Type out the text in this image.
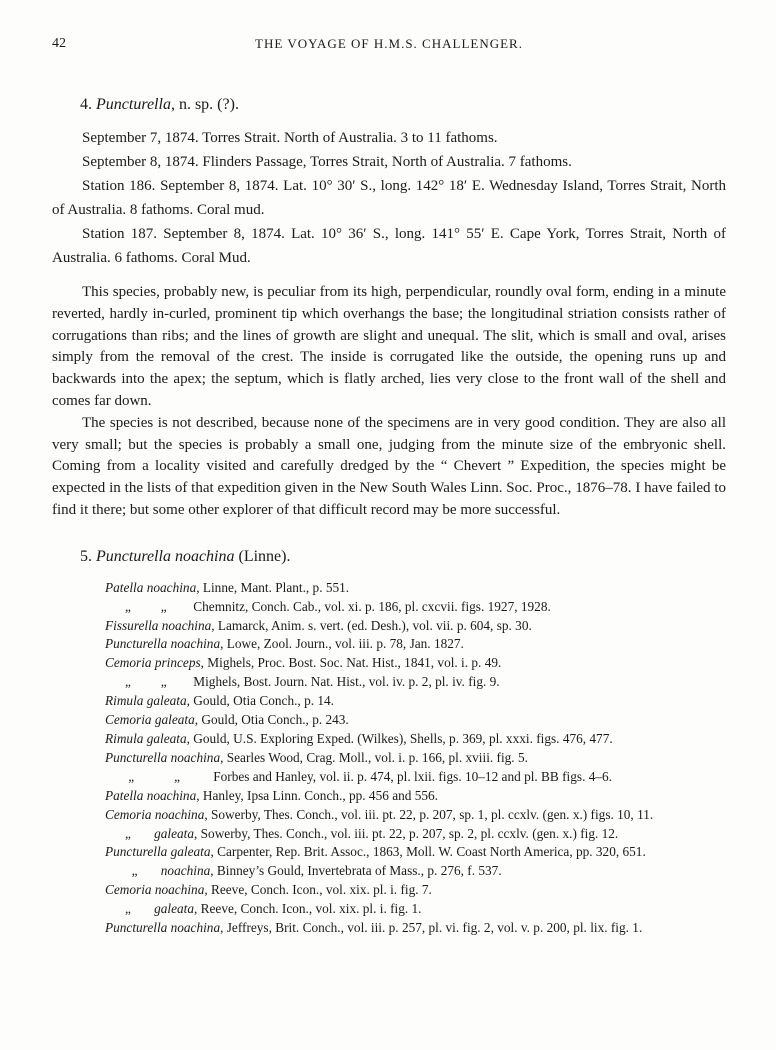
42	THE VOYAGE OF H.M.S. CHALLENGER.
4. Puncturella, n. sp. (?).

September 7, 1874. Torres Strait. North of Australia. 3 to 11 fathoms.

September 8, 1874. Flinders Passage, Torres Strait, North of Australia. 7 fathoms.

Station 186. September 8, 1874. Lat. 10° 30′ S., long. 142° 18′ E. Wednesday Island, Torres Strait, North of Australia. 8 fathoms. Coral mud.

Station 187. September 8, 1874. Lat. 10° 36′ S., long. 141° 55′ E. Cape York, Torres Strait, North of Australia. 6 fathoms. Coral Mud.

This species, probably new, is peculiar from its high, perpendicular, roundly oval form, ending in a minute reverted, hardly in-curled, prominent tip which overhangs the base; the longitudinal striation consists rather of corrugations than ribs; and the lines of growth are slight and unequal. The slit, which is small and oval, arises simply from the removal of the crest. The inside is corrugated like the outside, the opening runs up and backwards into the apex; the septum, which is flatly arched, lies very close to the front wall of the shell and comes far down.

The species is not described, because none of the specimens are in very good condition. They are also all very small; but the species is probably a small one, judging from the minute size of the embryonic shell. Coming from a locality visited and carefully dredged by the “ Chevert ” Expedition, the species might be expected in the lists of that expedition given in the New South Wales Linn. Soc. Proc., 1876–78. I have failed to find it there; but some other explorer of that difficult record may be more successful.

5. Puncturella noachina (Linne).
Patella noachina, Linne, Mant. Plant., p. 551.
„         „        Chemnitz, Conch. Cab., vol. xi. p. 186, pl. cxcvii. figs. 1927, 1928.
Fissurella noachina, Lamarck, Anim. s. vert. (ed. Desh.), vol. vii. p. 604, sp. 30.
Puncturella noachina, Lowe, Zool. Journ., vol. iii. p. 78, Jan. 1827.
Cemoria princeps, Mighels, Proc. Bost. Soc. Nat. Hist., 1841, vol. i. p. 49.
„         „        Mighels, Bost. Journ. Nat. Hist., vol. iv. p. 2, pl. iv. fig. 9.
Rimula galeata, Gould, Otia Conch., p. 14.
Cemoria galeata, Gould, Otia Conch., p. 243.
Rimula galeata, Gould, U.S. Exploring Exped. (Wilkes), Shells, p. 369, pl. xxxi. figs. 476, 477.
Puncturella noachina, Searles Wood, Crag. Moll., vol. i. p. 166, pl. xviii. fig. 5.
„            „          Forbes and Hanley, vol. ii. p. 474, pl. lxii. figs. 10–12 and pl. BB figs. 4–6.
Patella noachina, Hanley, Ipsa Linn. Conch., pp. 456 and 556.
Cemoria noachina, Sowerby, Thes. Conch., vol. iii. pt. 22, p. 207, sp. 1, pl. ccxlv. (gen. x.) figs. 10, 11.
„       galeata, Sowerby, Thes. Conch., vol. iii. pt. 22, p. 207, sp. 2, pl. ccxlv. (gen. x.) fig. 12.
Puncturella galeata, Carpenter, Rep. Brit. Assoc., 1863, Moll. W. Coast North America, pp. 320, 651.
„       noachina, Binney’s Gould, Invertebrata of Mass., p. 276, f. 537.
Cemoria noachina, Reeve, Conch. Icon., vol. xix. pl. i. fig. 7.
„       galeata, Reeve, Conch. Icon., vol. xix. pl. i. fig. 1.
Puncturella noachina, Jeffreys, Brit. Conch., vol. iii. p. 257, pl. vi. fig. 2, vol. v. p. 200, pl. lix. fig. 1.
